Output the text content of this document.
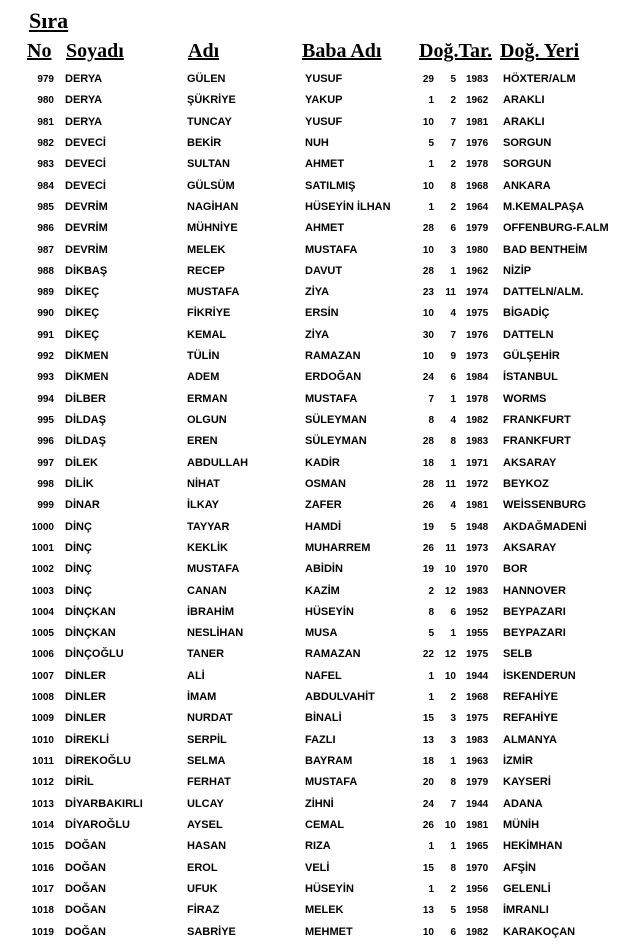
Sıra
No Soyadı	Adı	Baba Adı Doğ.Tar. Doğ. Yeri
979 DERYA	GÜLEN	YUSUF	29	5 1983 HÖXTER/ALM
980 DERYA	ŞÜKRİYE	YAKUP	1	2 1962 ARAKLI
981 DERYA	TUNCAY	YUSUF	10	7 1981 ARAKLI
982 DEVECİ	BEKİR	NUH	5	7 1976 SORGUN
983 DEVECİ	SULTAN	AHMET	1	2 1978 SORGUN
984 DEVECİ	GÜLSÜM	SATILMIŞ	10	8 1968 ANKARA
985 DEVRİM	NAGİHAN	HÜSEYİN İLHAN	1	2 1964 M.KEMALPAŞA
986 DEVRİM	MÜHNİYE	AHMET	28	6 1979 OFFENBURG-F.ALM
987 DEVRİM	MELEK	MUSTAFA	10	3 1980 BAD BENTHEİM
988 DİKBAŞ	RECEP	DAVUT	28	1 1962 NİZİP
989 DİKEÇ	MUSTAFA	ZİYA	23	11 1974 DATTELN/ALM.
990 DİKEÇ	FİKRİYE	ERSİN	10	4 1975 BİGADİÇ
991 DİKEÇ	KEMAL	ZİYA	30	7 1976 DATTELN
992 DİKMEN	TÜLİN	RAMAZAN	10	9 1973 GÜLŞEHİR
993 DİKMEN	ADEM	ERDOĞAN	24	6 1984 İSTANBUL
994 DİLBER	ERMAN	MUSTAFA	7	1 1978 WORMS
995 DİLDAŞ	OLGUN	SÜLEYMAN	8	4 1982 FRANKFURT
996 DİLDAŞ	EREN	SÜLEYMAN	28	8 1983 FRANKFURT
997 DİLEK	ABDULLAH	KADİR	18	1 1971 AKSARAY
998 DİLİK	NİHAT	OSMAN	28	11 1972 BEYKOZ
999 DİNAR	İLKAY	ZAFER	26	4 1981 WEİSSENBURG
1000 DİNÇ	TAYYAR	HAMDİ	19	5 1948 AKDAĞMADENİ
1001 DİNÇ	KEKLİK	MUHARREM	26	11 1973 AKSARAY
1002 DİNÇ	MUSTAFA	ABİDİN	19	10 1970 BOR
1003 DİNÇ	CANAN	KAZİM	2	12 1983 HANNOVER
1004 DİNÇKAN	İBRAHİM	HÜSEYİN	8	6 1952 BEYPAZARI
1005 DİNÇKAN	NESLİHAN	MUSA	5	1 1955 BEYPAZARI
1006 DİNÇOĞLU	TANER	RAMAZAN	22	12 1975 SELB
1007 DİNLER	ALİ	NAFEL	1	10 1944 İSKENDERUN
1008 DİNLER	İMAM	ABDULVAHİT	1	2 1968 REFAHİYE
1009 DİNLER	NURDAT	BİNALİ	15	3 1975 REFAHİYE
1010 DİREKLİ	SERPİL	FAZLI	13	3 1983 ALMANYA
1011 DİREKOĞLU	SELMA	BAYRAM	18	1 1963 İZMİR
1012 DİRİL	FERHAT	MUSTAFA	20	8 1979 KAYSERİ
1013 DİYARBAKIRLI	ULCAY	ZİHNİ	24	7 1944 ADANA
1014 DİYAROĞLU	AYSEL	CEMAL	26	10 1981 MÜNİH
1015 DOĞAN	HASAN	RIZA	1	1 1965 HEKİMHAN
1016 DOĞAN	EROL	VELİ	15	8 1970 AFŞİN
1017 DOĞAN	UFUK	HÜSEYİN	1	2 1956 GELENLİ
1018 DOĞAN	FİRAZ	MELEK	13	5 1958 İMRANLI
1019 DOĞAN	SABRİYE	MEHMET	10	6 1982 KARAKOÇAN
